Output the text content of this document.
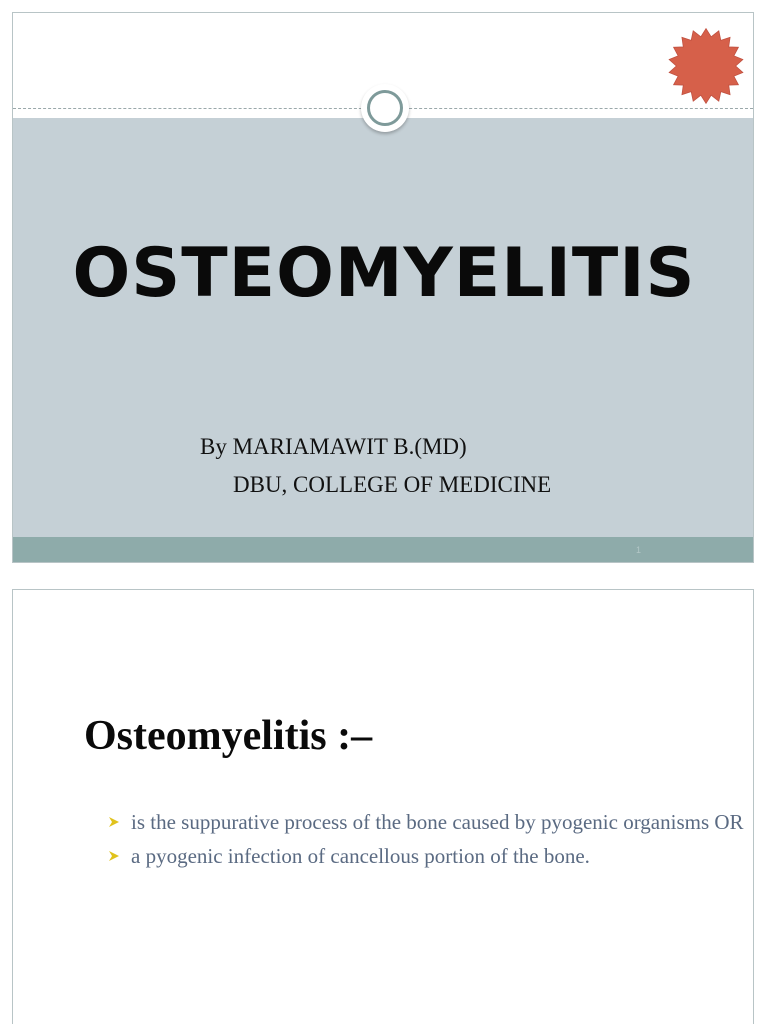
1
OSTEOMYELITIS
By MARIAMAWIT B.(MD)
DBU, COLLEGE OF MEDICINE
Osteomyelitis :–
is the suppurative process of the bone caused by pyogenic organisms OR
a pyogenic infection of cancellous portion of the bone.
